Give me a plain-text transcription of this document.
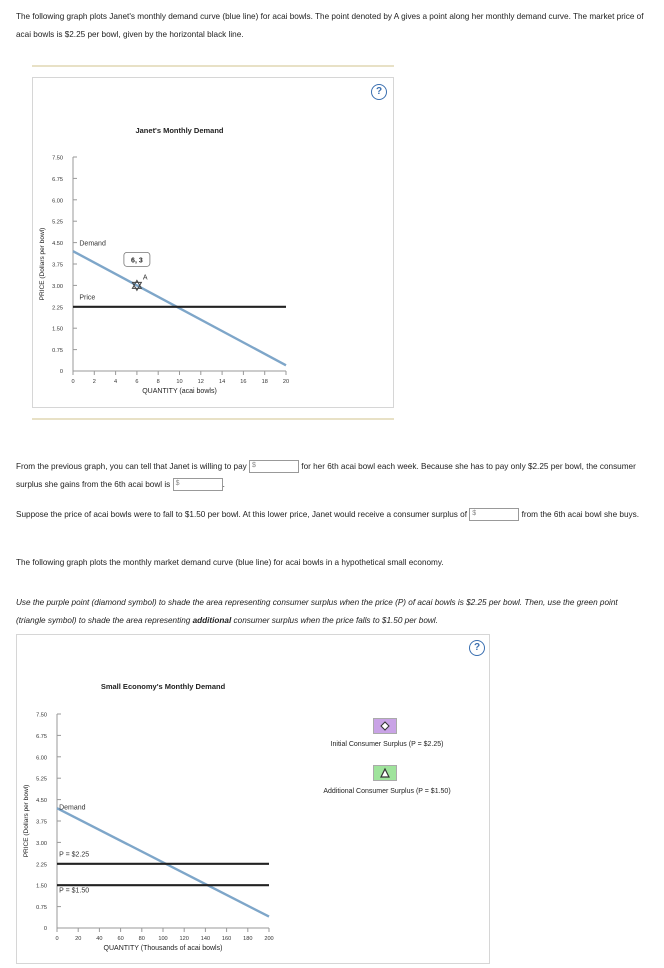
The following graph plots Janet's monthly demand curve (blue line) for acai bowls. The point denoted by A gives a point along her monthly demand curve. The market price of acai bowls is $2.25 per bowl, given by the horizontal black line.

?
Janet's Monthly Demand
0
0.75
1.50
2.25
3.00
3.75
4.50
5.25
6.00
6.75
7.50
0	2	4	6	8	10	12	14	16	18	20
QUANTITY (acai bowls)
PRICE (Dollars per bowl)	Demand
Price
6, 3
A
From the previous graph, you can tell that Janet is willing to pay $	for her 6th acai bowl each week. Because she has to pay only $2.25 per bowl, the consumer surplus she gains from the 6th acai bowl is $	.
Suppose the price of acai bowls were to fall to $1.50 per bowl. At this lower price, Janet would receive a consumer surplus of $	from the 6th acai bowl she buys.

The following graph plots the monthly market demand curve (blue line) for acai bowls in a hypothetical small economy.

Use the purple point (diamond symbol) to shade the area representing consumer surplus when the price (P) of acai bowls is $2.25 per bowl. Then, use the green point (triangle symbol) to shade the area representing additional consumer surplus when the price falls to $1.50 per bowl.
?
Initial Consumer Surplus (P = $2.25)
Additional Consumer Surplus (P = $1.50)
Small Economy's Monthly Demand
0
0.75
1.50
2.25
3.00
3.75
4.50
5.25
6.00
6.75
7.50
0	20	40	60	80 100 120 140 160 180 200
QUANTITY (Thousands of acai bowls)
PRICE (Dollars per bowl)	Demand
P = $2.25
P = $1.50
